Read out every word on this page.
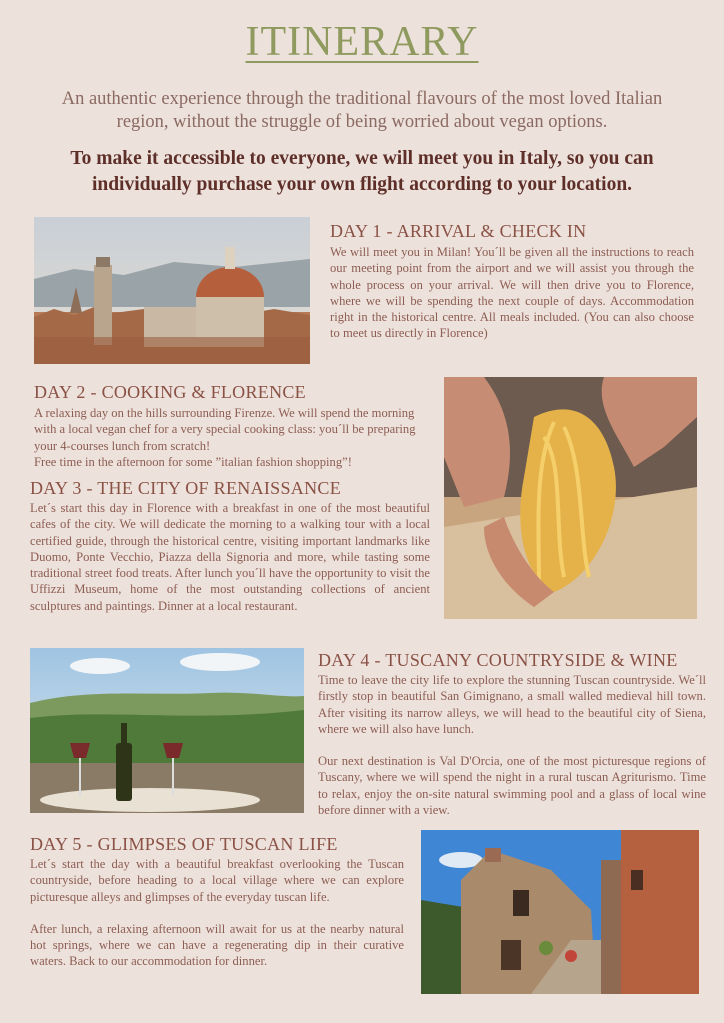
ITINERARY
An authentic experience through the traditional flavours of the most loved Italian region, without the struggle of being worried about vegan options.
To make it accessible to everyone, we will meet you in Italy, so you can individually purchase your own flight according to your location.
DAY 1 - ARRIVAL & CHECK IN

We will meet you in Milan! You´ll be given all the instructions to reach our meeting point from the airport and we will assist you through the whole process on your arrival. We will then drive you to Florence, where we will be spending the next couple of days. Accommodation right in the historical centre. All meals included. (You can also choose to meet us directly in Florence)

DAY 2 - COOKING & FLORENCE

A relaxing day on the hills surrounding Firenze. We will spend the morning with a local vegan chef for a very special cooking class: you´ll be preparing your 4-courses lunch from scratch!

Free time in the afternoon for some ”italian fashion shopping”!

DAY 3 - THE CITY OF RENAISSANCE

Let´s start this day in Florence with a breakfast in one of the most beautiful cafes of the city. We will dedicate the morning to a walking tour with a local certified guide, through the historical centre, visiting important landmarks like Duomo, Ponte Vecchio, Piazza della Signoria and more, while tasting some traditional street food treats. After lunch you´ll have the opportunity to visit the Uffizzi Museum, home of the most outstanding collections of ancient sculptures and paintings. Dinner at a local restaurant.

DAY 4 - TUSCANY COUNTRYSIDE & WINE

Time to leave the city life to explore the stunning Tuscan countryside. We´ll firstly stop in beautiful San Gimignano, a small walled medieval hill town. After visiting its narrow alleys, we will head to the beautiful city of Siena, where we will also have lunch.

Our next destination is Val D'Orcia, one of the most picturesque regions of Tuscany, where we will spend the night in a rural tuscan Agriturismo. Time to relax, enjoy the on-site natural swimming pool and a glass of local wine before dinner with a view.

DAY 5 - GLIMPSES OF TUSCAN LIFE

Let´s start the day with a beautiful breakfast overlooking the Tuscan countryside, before heading to a local village where we can explore picturesque alleys and glimpses of the everyday tuscan life.

After lunch, a relaxing afternoon will await for us at the nearby natural hot springs, where we can have a regenerating dip in their curative waters. Back to our accommodation for dinner.
